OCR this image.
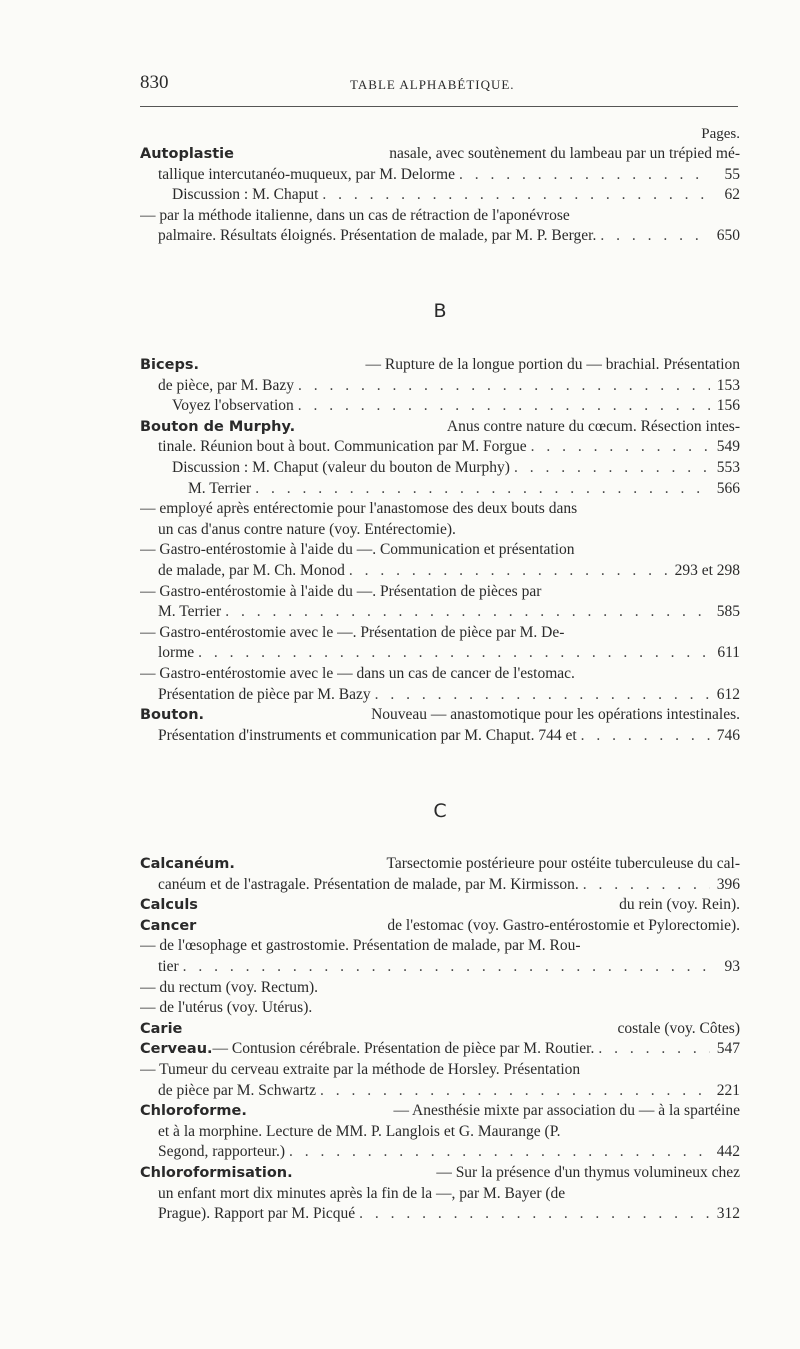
830	TABLE ALPHABÉTIQUE.
Pages.
Autoplastie	nasale, avec soutènement du lambeau par un trépied mé-
tallique intercutanéo-muqueux, par M. Delorme . . .	55
Discussion : M. Chaput . . .	62
— par la méthode italienne, dans un cas de rétraction de l'aponévrose
palmaire. Résultats éloignés. Présentation de malade, par M. P. Berger. . . .	650
B
Biceps.	— Rupture de la longue portion du — brachial. Présentation
de pièce, par M. Bazy . . .	153
Voyez l'observation . . .	156
Bouton de Murphy.	Anus contre nature du cœcum. Résection intes-
tinale. Réunion bout à bout. Communication par M. Forgue . . .	549
Discussion : M. Chaput (valeur du bouton de Murphy) . . .	553
M. Terrier . . .	566
— employé après entérectomie pour l'anastomose des deux bouts dans
un cas d'anus contre nature (voy. Entérectomie).
— Gastro-entérostomie à l'aide du —. Communication et présentation
de malade, par M. Ch. Monod . . .	293 et 298
— Gastro-entérostomie à l'aide du —. Présentation de pièces par
M. Terrier . . .	585
— Gastro-entérostomie avec le —. Présentation de pièce par M. De-
lorme . . .	611
— Gastro-entérostomie avec le — dans un cas de cancer de l'estomac.
Présentation de pièce par M. Bazy . . .	612
Bouton.	Nouveau — anastomotique pour les opérations intestinales.
Présentation d'instruments et communication par M. Chaput. 744 et . . .	746
C
Calcanéum.	Tarsectomie postérieure pour ostéite tuberculeuse du cal-
canéum et de l'astragale. Présentation de malade, par M. Kirmisson. . . .	396
Calculs	du rein (voy. Rein).
Cancer	de l'estomac (voy. Gastro-entérostomie et Pylorectomie).
— de l'œsophage et gastrostomie. Présentation de malade, par M. Rou-
tier . . .	93
— du rectum (voy. Rectum).
— de l'utérus (voy. Utérus).
Carie	costale (voy. Côtes)
Cerveau. — Contusion cérébrale. Présentation de pièce par M. Routier. . . .	547
— Tumeur du cerveau extraite par la méthode de Horsley. Présentation
de pièce par M. Schwartz . . .	221
Chloroforme.	— Anesthésie mixte par association du — à la spartéine
et à la morphine. Lecture de MM. P. Langlois et G. Maurange (P.
Segond, rapporteur.) . . .	442
Chloroformisation.	— Sur la présence d'un thymus volumineux chez
un enfant mort dix minutes après la fin de la —, par M. Bayer (de
Prague). Rapport par M. Picqué . . .	312
